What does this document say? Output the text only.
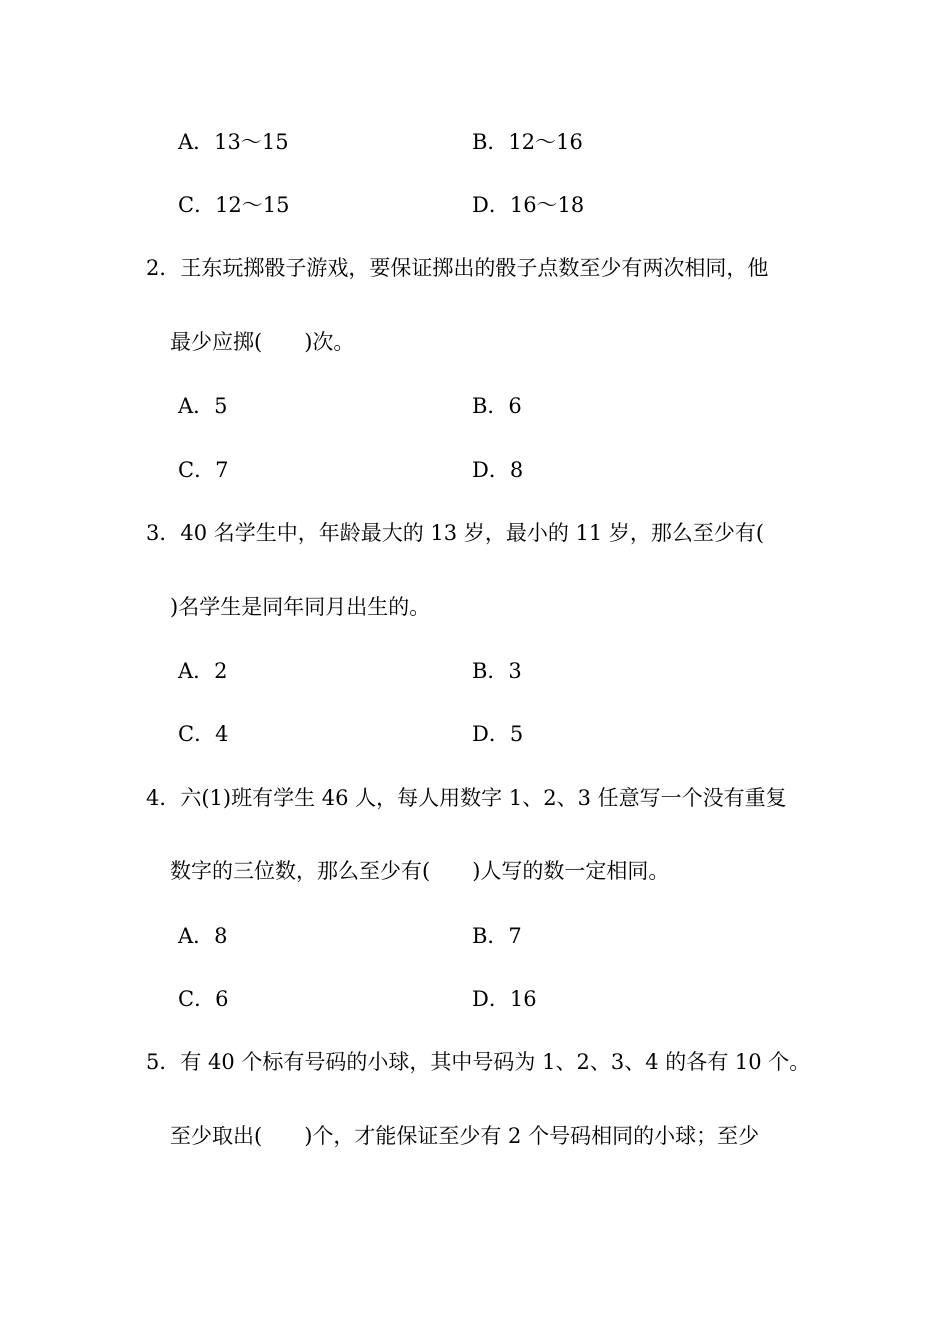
A．13～15	B．12～16
C．12～15	D．16～18
2．王东玩掷骰子游戏，要保证掷出的骰子点数至少有两次相同，他
最少应掷(　　)次。
A．5	B．6
C．7	D．8
3．40 名学生中，年龄最大的 13 岁，最小的 11 岁，那么至少有(
)名学生是同年同月出生的。
A．2	B．3
C．4	D．5
4．六(1)班有学生 46 人，每人用数字 1、2、3 任意写一个没有重复
数字的三位数，那么至少有(　　)人写的数一定相同。
A．8	B．7
C．6	D．16
5．有 40 个标有号码的小球，其中号码为 1、2、3、4 的各有 10 个。
至少取出(　　)个，才能保证至少有 2 个号码相同的小球；至少
